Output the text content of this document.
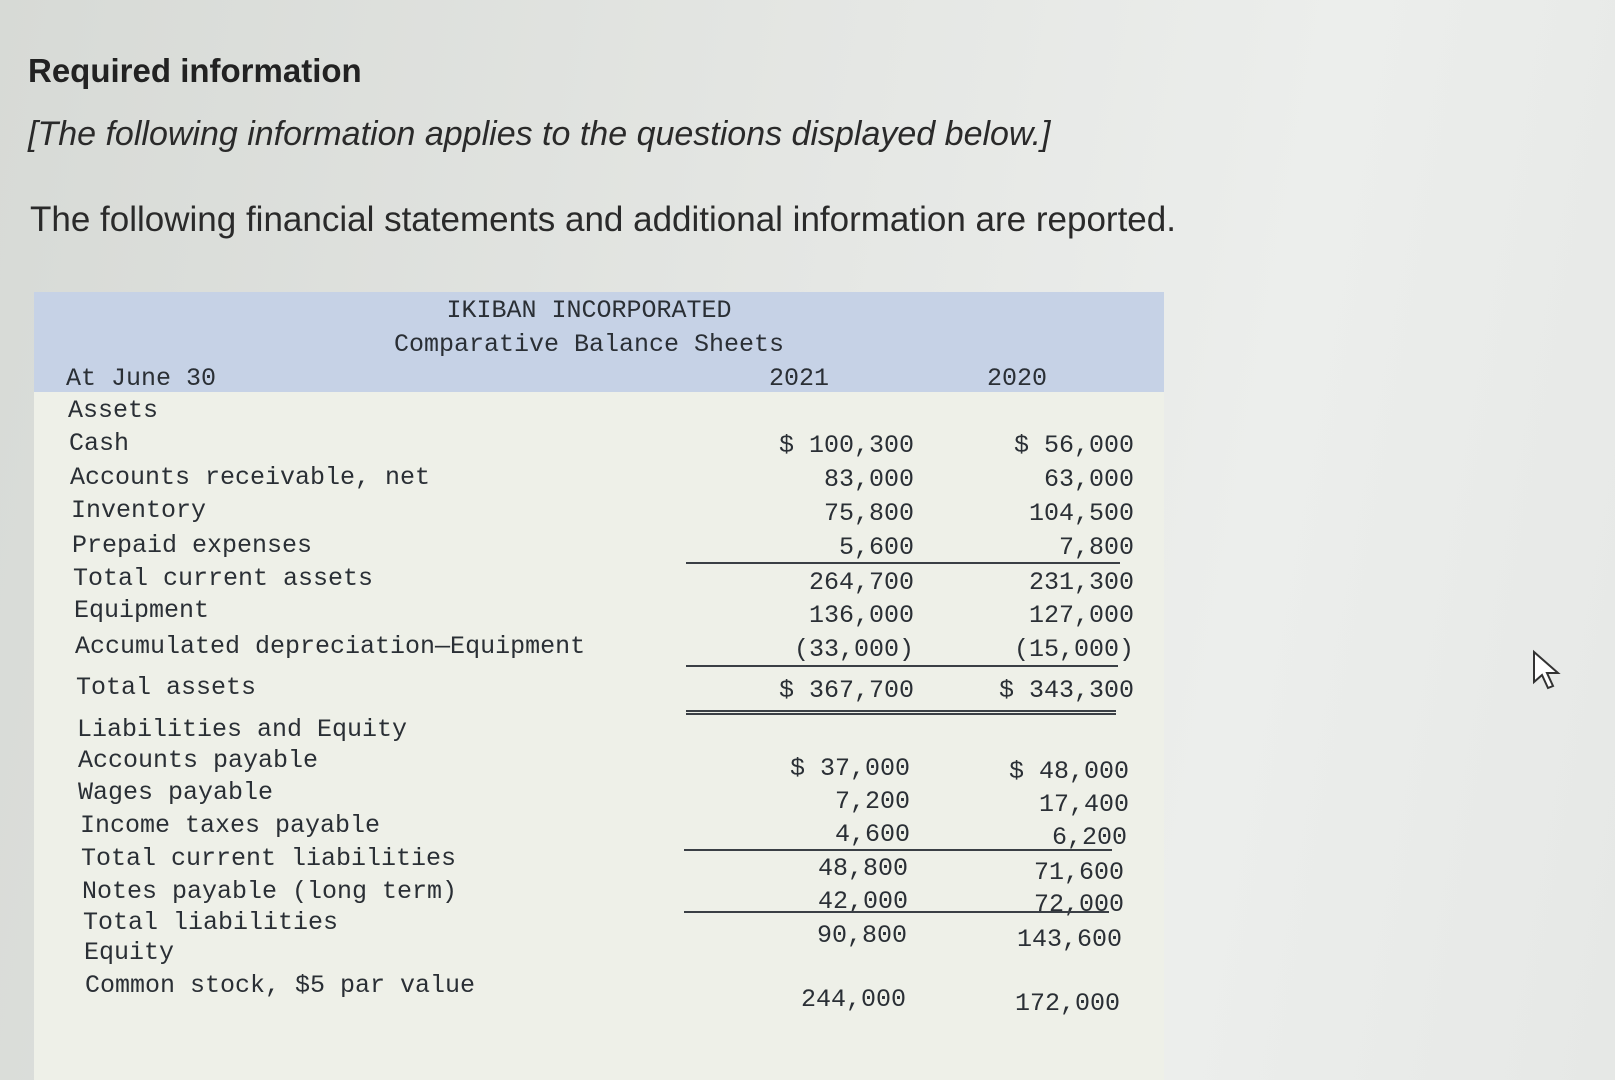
Required information

[The following information applies to the questions displayed below.]

The following financial statements and additional information are reported.

IKIBAN INCORPORATED
Comparative Balance Sheets
At June 30	2021	2020
Assets
Cash	$ 100,300	$ 56,000
Accounts receivable, net	83,000	63,000
Inventory	75,800	104,500
Prepaid expenses	5,600	7,800
Total current assets	264,700	231,300
Equipment	136,000	127,000
Accumulated depreciation—Equipment	(33,000)	(15,000)
Total assets	$ 367,700	$ 343,300
Liabilities and Equity
Accounts payable	$ 37,000	$ 48,000
Wages payable	7,200	17,400
Income taxes payable	4,600	6,200
Total current liabilities	48,800	71,600
Notes payable (long term)	42,000	72,000
Total liabilities	90,800	143,600
Equity
Common stock, $5 par value	244,000	172,000
